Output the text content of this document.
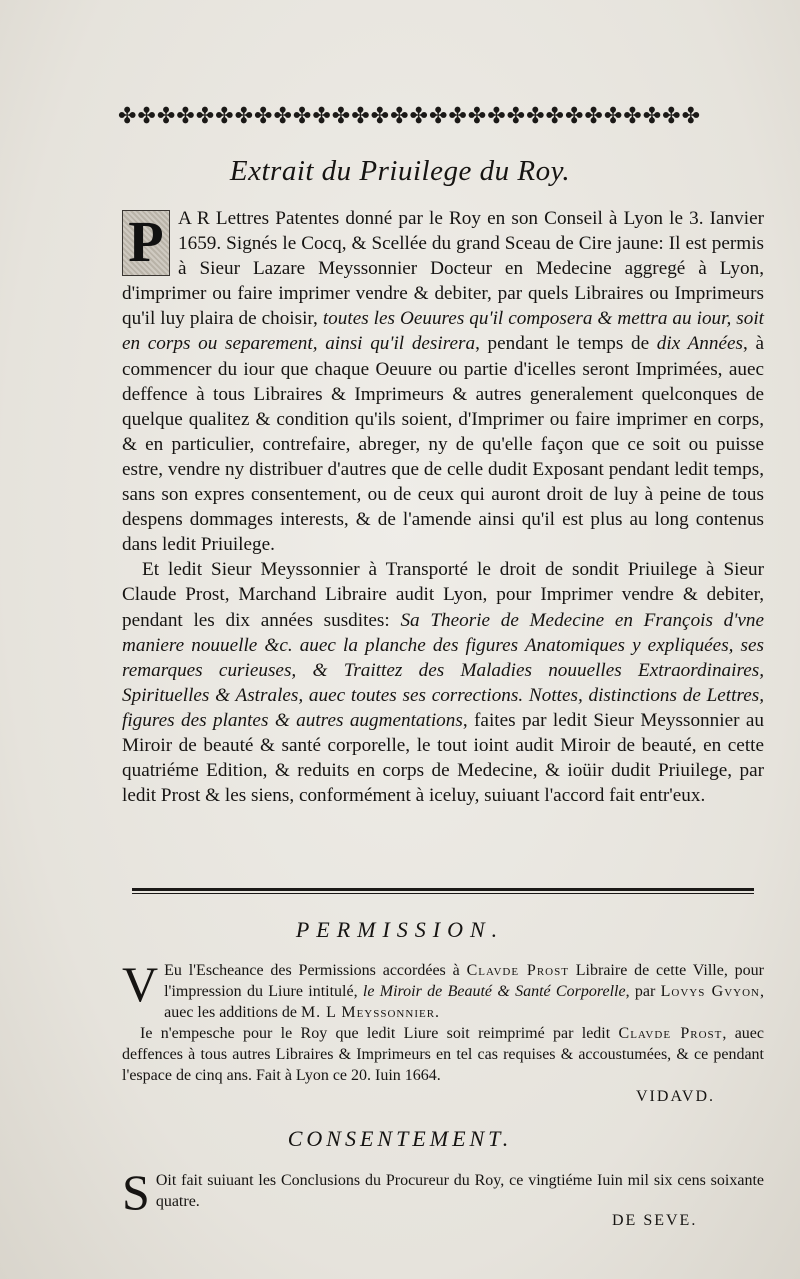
✤✤✤✤✤✤✤✤✤✤✤✤✤✤✤✤✤✤✤✤✤✤✤✤✤✤✤✤✤✤
Extrait du Priuilege du Roy.

P A R Lettres Patentes donné par le Roy en son Conseil à Lyon le 3. Ianvier 1659. Signés le Cocq, & Scellée du grand Sceau de Cire jaune: Il est permis à Sieur Lazare Meyssonnier Docteur en Medecine aggregé à Lyon, d'imprimer ou faire imprimer vendre & debiter, par quels Libraires ou Imprimeurs qu'il luy plaira de choisir, toutes les Oeuures qu'il composera & mettra au iour, soit en corps ou separement, ainsi qu'il desirera, pendant le temps de dix Années, à commencer du iour que chaque Oeuure ou partie d'icelles seront Imprimées, auec deffence à tous Libraires & Imprimeurs & autres generalement quelconques de quelque qualitez & condition qu'ils soient, d'Imprimer ou faire imprimer en corps, & en particulier, contrefaire, abreger, ny de qu'elle façon que ce soit ou puisse estre, vendre ny distribuer d'autres que de celle dudit Exposant pendant ledit temps, sans son expres consentement, ou de ceux qui auront droit de luy à peine de tous despens dommages interests, & de l'amende ainsi qu'il est plus au long contenus dans ledit Priuilege.

Et ledit Sieur Meyssonnier à Transporté le droit de sondit Priuilege à Sieur Claude Prost, Marchand Libraire audit Lyon, pour Imprimer vendre & debiter, pendant les dix années susdites: Sa Theorie de Medecine en François d'vne maniere nouuelle &c. auec la planche des figures Anatomiques y expliquées, ses remarques curieuses, & Traittez des Maladies nouuelles Extraordinaires, Spirituelles & Astrales, auec toutes ses corrections. Nottes, distinctions de Lettres, figures des plantes & autres augmentations, faites par ledit Sieur Meyssonnier au Miroir de beauté & santé corporelle, le tout ioint audit Miroir de beauté, en cette quatriéme Edition, & reduits en corps de Medecine, & ioüir dudit Priuilege, par ledit Prost & les siens, conformément à iceluy, suiuant l'accord fait entr'eux.

PERMISSION.

V Eu l'Escheance des Permissions accordées à Clavde Prost Libraire de cette Ville, pour l'impression du Liure intitulé, le Miroir de Beauté & Santé Corporelle, par Lovys Gvyon, auec les additions de M. L Meyssonnier.

Ie n'empesche pour le Roy que ledit Liure soit reimprimé par ledit Clavde Prost, auec deffences à tous autres Libraires & Imprimeurs en tel cas requises & accoustumées, & ce pendant l'espace de cinq ans. Fait à Lyon ce 20. Iuin 1664.

VIDAVD.
CONSENTEMENT.
S Oit fait suiuant les Conclusions du Procureur du Roy, ce vingtiéme Iuin mil six cens soixante quatre.
DE SEVE.
